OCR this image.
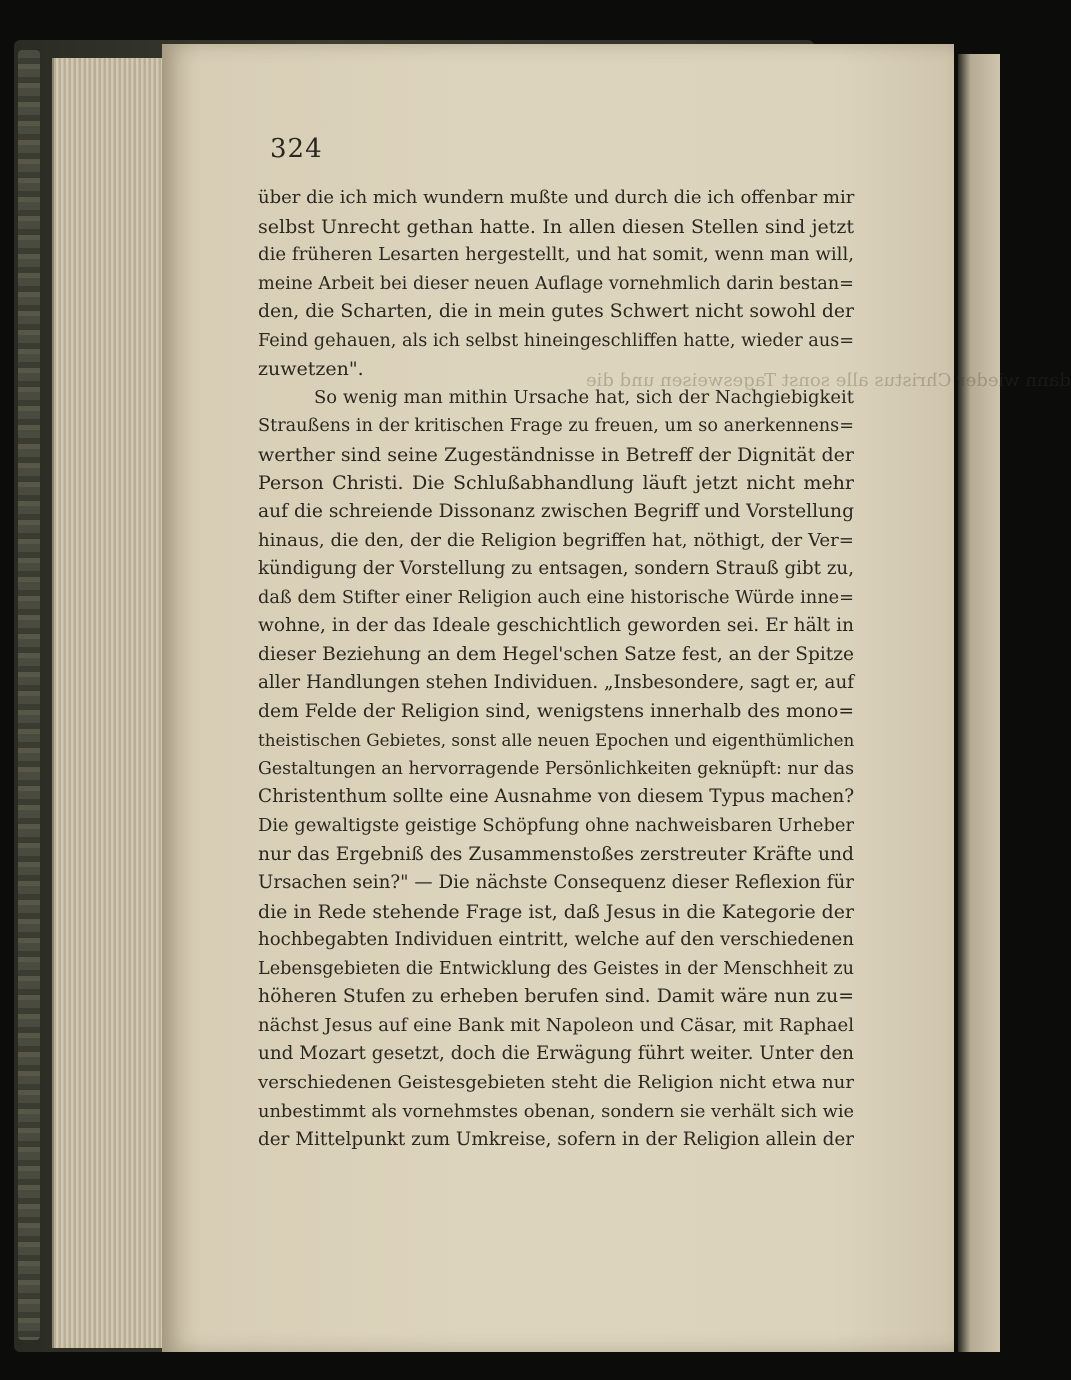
324
dann wieder Christus alle sonst Tagesweisen und die
über die ich mich wundern mußte und durch die ich offenbar mir
selbst Unrecht gethan hatte. In allen diesen Stellen sind jetzt
die früheren Lesarten hergestellt, und hat somit, wenn man will,
meine Arbeit bei dieser neuen Auflage vornehmlich darin bestan=
den, die Scharten, die in mein gutes Schwert nicht sowohl der
Feind gehauen, als ich selbst hineingeschliffen hatte, wieder aus=
zuwetzen".
So wenig man mithin Ursache hat, sich der Nachgiebigkeit
Straußens in der kritischen Frage zu freuen, um so anerkennens=
werther sind seine Zugeständnisse in Betreff der Dignität der
Person Christi. Die Schlußabhandlung läuft jetzt nicht mehr
auf die schreiende Dissonanz zwischen Begriff und Vorstellung
hinaus, die den, der die Religion begriffen hat, nöthigt, der Ver=
kündigung der Vorstellung zu entsagen, sondern Strauß gibt zu,
daß dem Stifter einer Religion auch eine historische Würde inne=
wohne, in der das Ideale geschichtlich geworden sei. Er hält in
dieser Beziehung an dem Hegel'schen Satze fest, an der Spitze
aller Handlungen stehen Individuen. „Insbesondere, sagt er, auf
dem Felde der Religion sind, wenigstens innerhalb des mono=
theistischen Gebietes, sonst alle neuen Epochen und eigenthümlichen
Gestaltungen an hervorragende Persönlichkeiten geknüpft: nur das
Christenthum sollte eine Ausnahme von diesem Typus machen?
Die gewaltigste geistige Schöpfung ohne nachweisbaren Urheber
nur das Ergebniß des Zusammenstoßes zerstreuter Kräfte und
Ursachen sein?" — Die nächste Consequenz dieser Reflexion für
die in Rede stehende Frage ist, daß Jesus in die Kategorie der
hochbegabten Individuen eintritt, welche auf den verschiedenen
Lebensgebieten die Entwicklung des Geistes in der Menschheit zu
höheren Stufen zu erheben berufen sind. Damit wäre nun zu=
nächst Jesus auf eine Bank mit Napoleon und Cäsar, mit Raphael
und Mozart gesetzt, doch die Erwägung führt weiter. Unter den
verschiedenen Geistesgebieten steht die Religion nicht etwa nur
unbestimmt als vornehmstes obenan, sondern sie verhält sich wie
der Mittelpunkt zum Umkreise, sofern in der Religion allein der
